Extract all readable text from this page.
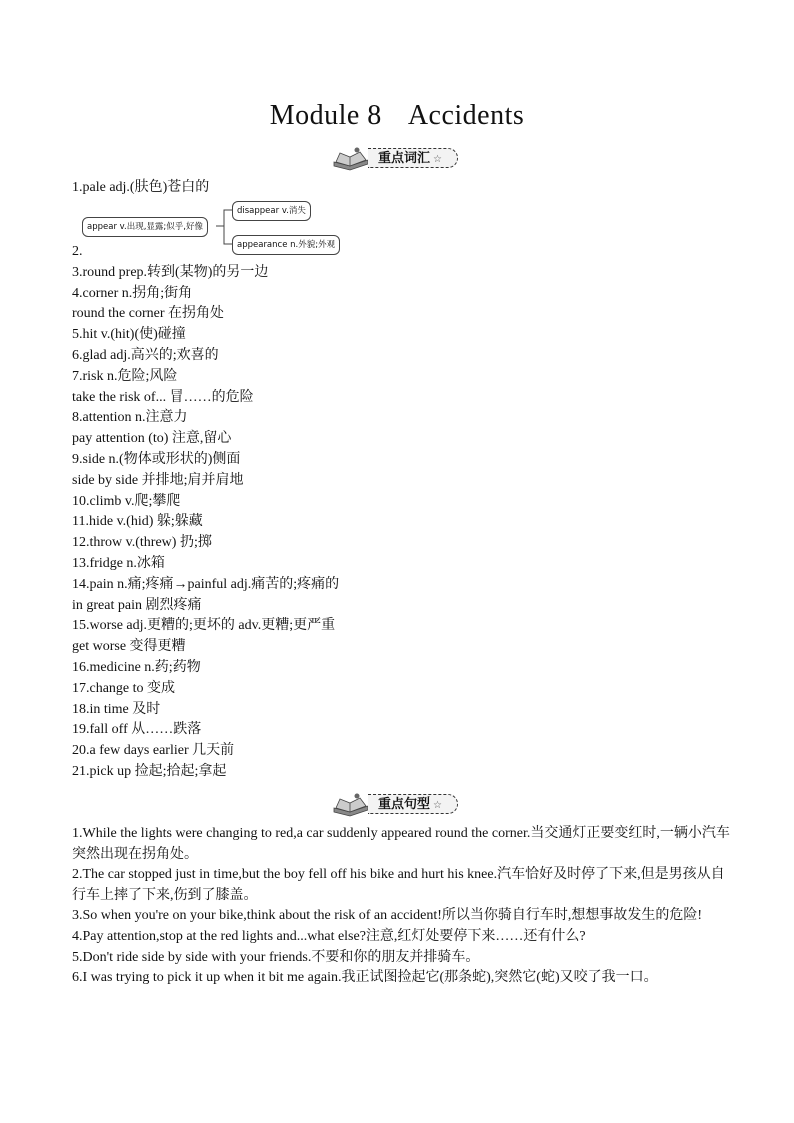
Module 8 Accidents
重点词汇 ☆
1.pale adj.(肤色)苍白的
appear v.出现,显露;似乎,好像
disappear v.消失
appearance n.外貌;外观
2.
3.round prep.转到(某物)的另一边
4.corner n.拐角;街角
round the corner 在拐角处
5.hit v.(hit)(使)碰撞
6.glad adj.高兴的;欢喜的
7.risk n.危险;风险
take the risk of... 冒……的危险
8.attention n.注意力
pay attention (to) 注意,留心
9.side n.(物体或形状的)侧面
side by side 并排地;肩并肩地
10.climb v.爬;攀爬
11.hide v.(hid) 躲;躲藏
12.throw v.(threw) 扔;掷
13.fridge n.冰箱
14.pain n.痛;疼痛→painful adj.痛苦的;疼痛的
in great pain 剧烈疼痛
15.worse adj.更糟的;更坏的 adv.更糟;更严重
get worse 变得更糟
16.medicine n.药;药物
17.change to 变成
18.in time 及时
19.fall off 从……跌落
20.a few days earlier 几天前
21.pick up 捡起;拾起;拿起
重点句型 ☆

1.While the lights were changing to red,a car suddenly appeared round the corner.当交通灯正要变红时,一辆小汽车突然出现在拐角处。

2.The car stopped just in time,but the boy fell off his bike and hurt his knee.汽车恰好及时停了下来,但是男孩从自行车上摔了下来,伤到了膝盖。

3.So when you're on your bike,think about the risk of an accident!所以当你骑自行车时,想想事故发生的危险!

4.Pay attention,stop at the red lights and...what else?注意,红灯处要停下来……还有什么?

5.Don't ride side by side with your friends.不要和你的朋友并排骑车。

6.I was trying to pick it up when it bit me again.我正试图捡起它(那条蛇),突然它(蛇)又咬了我一口。
